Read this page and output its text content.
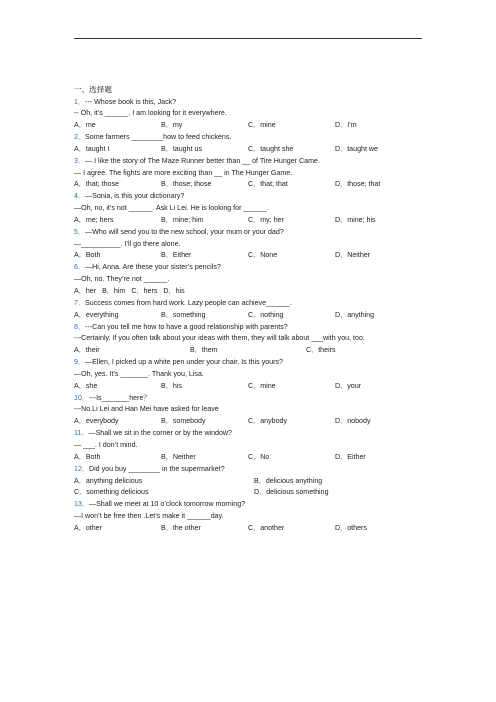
一、选择题
1．--- Whose book is this, Jack?
-- Oh, it’s ______. I am looking for it everywhere.
A．me	B．my	C．mine	D．I’m
2．Some farmers ________how to feed chickens.
A．taught I	B．taught us	C．taught she	D．taught we
3．— I like the story of The Maze Runner better than __ of Tire Hunger Came.
— I agree. The fights are more exciting than __ in The Hunger Game.
A．that; those	B．those; those	C．that; that	D．those; that
4．—Sonia, is this your dictionary?
—Oh, no, it’s not ______. Ask Li Lei. He is looking for ______.
A．me; hers	B．mine; him	C．my; her	D．mine; his
5．—Who will send you to the new school, your mum or your dad?
—__________. I’ll go there alone.
A．Both	B．Either	C．None	D．Neither
6．—Hi, Anna. Are these your sister’s pencils?
—Oh, no. They’re not ______.
A．her B．him C．hers D．his
7．Success comes from hard work. Lazy people can achieve______.
A．everything	B．something	C．nothing	D．anything
8．---Can you tell me how to have a good relationship with parents?
---Certainly. If you often talk about your ideas with them, they will talk about ___with you, too.
A．their	B．them	C．theirs
9．—Ellen, I picked up a white pen under your chair. Is this yours?
—Oh, yes. It’s _______. Thank you, Lisa.
A．she	B．his	C．mine	D．your
10．---Is_______here？
---No.Li Lei and Han Mei have asked for leave
A．everybody	B．somebody	C．anybody	D．nobody
11．—Shall we sit in the corner or by the window?
— ___. I don’t mind.
A．Both	B．Neither	C．No	D．Either
12．Did you buy ________ in the supermarket?
A．anything delicious	B．delicious anything
C．something delicious	D．delicious something
13．—Shall we meet at 10 o’clock tomorrow morning?
—I won’t be free then .Let’s make it ______day.
A．other	B．the other	C．another	D．others
